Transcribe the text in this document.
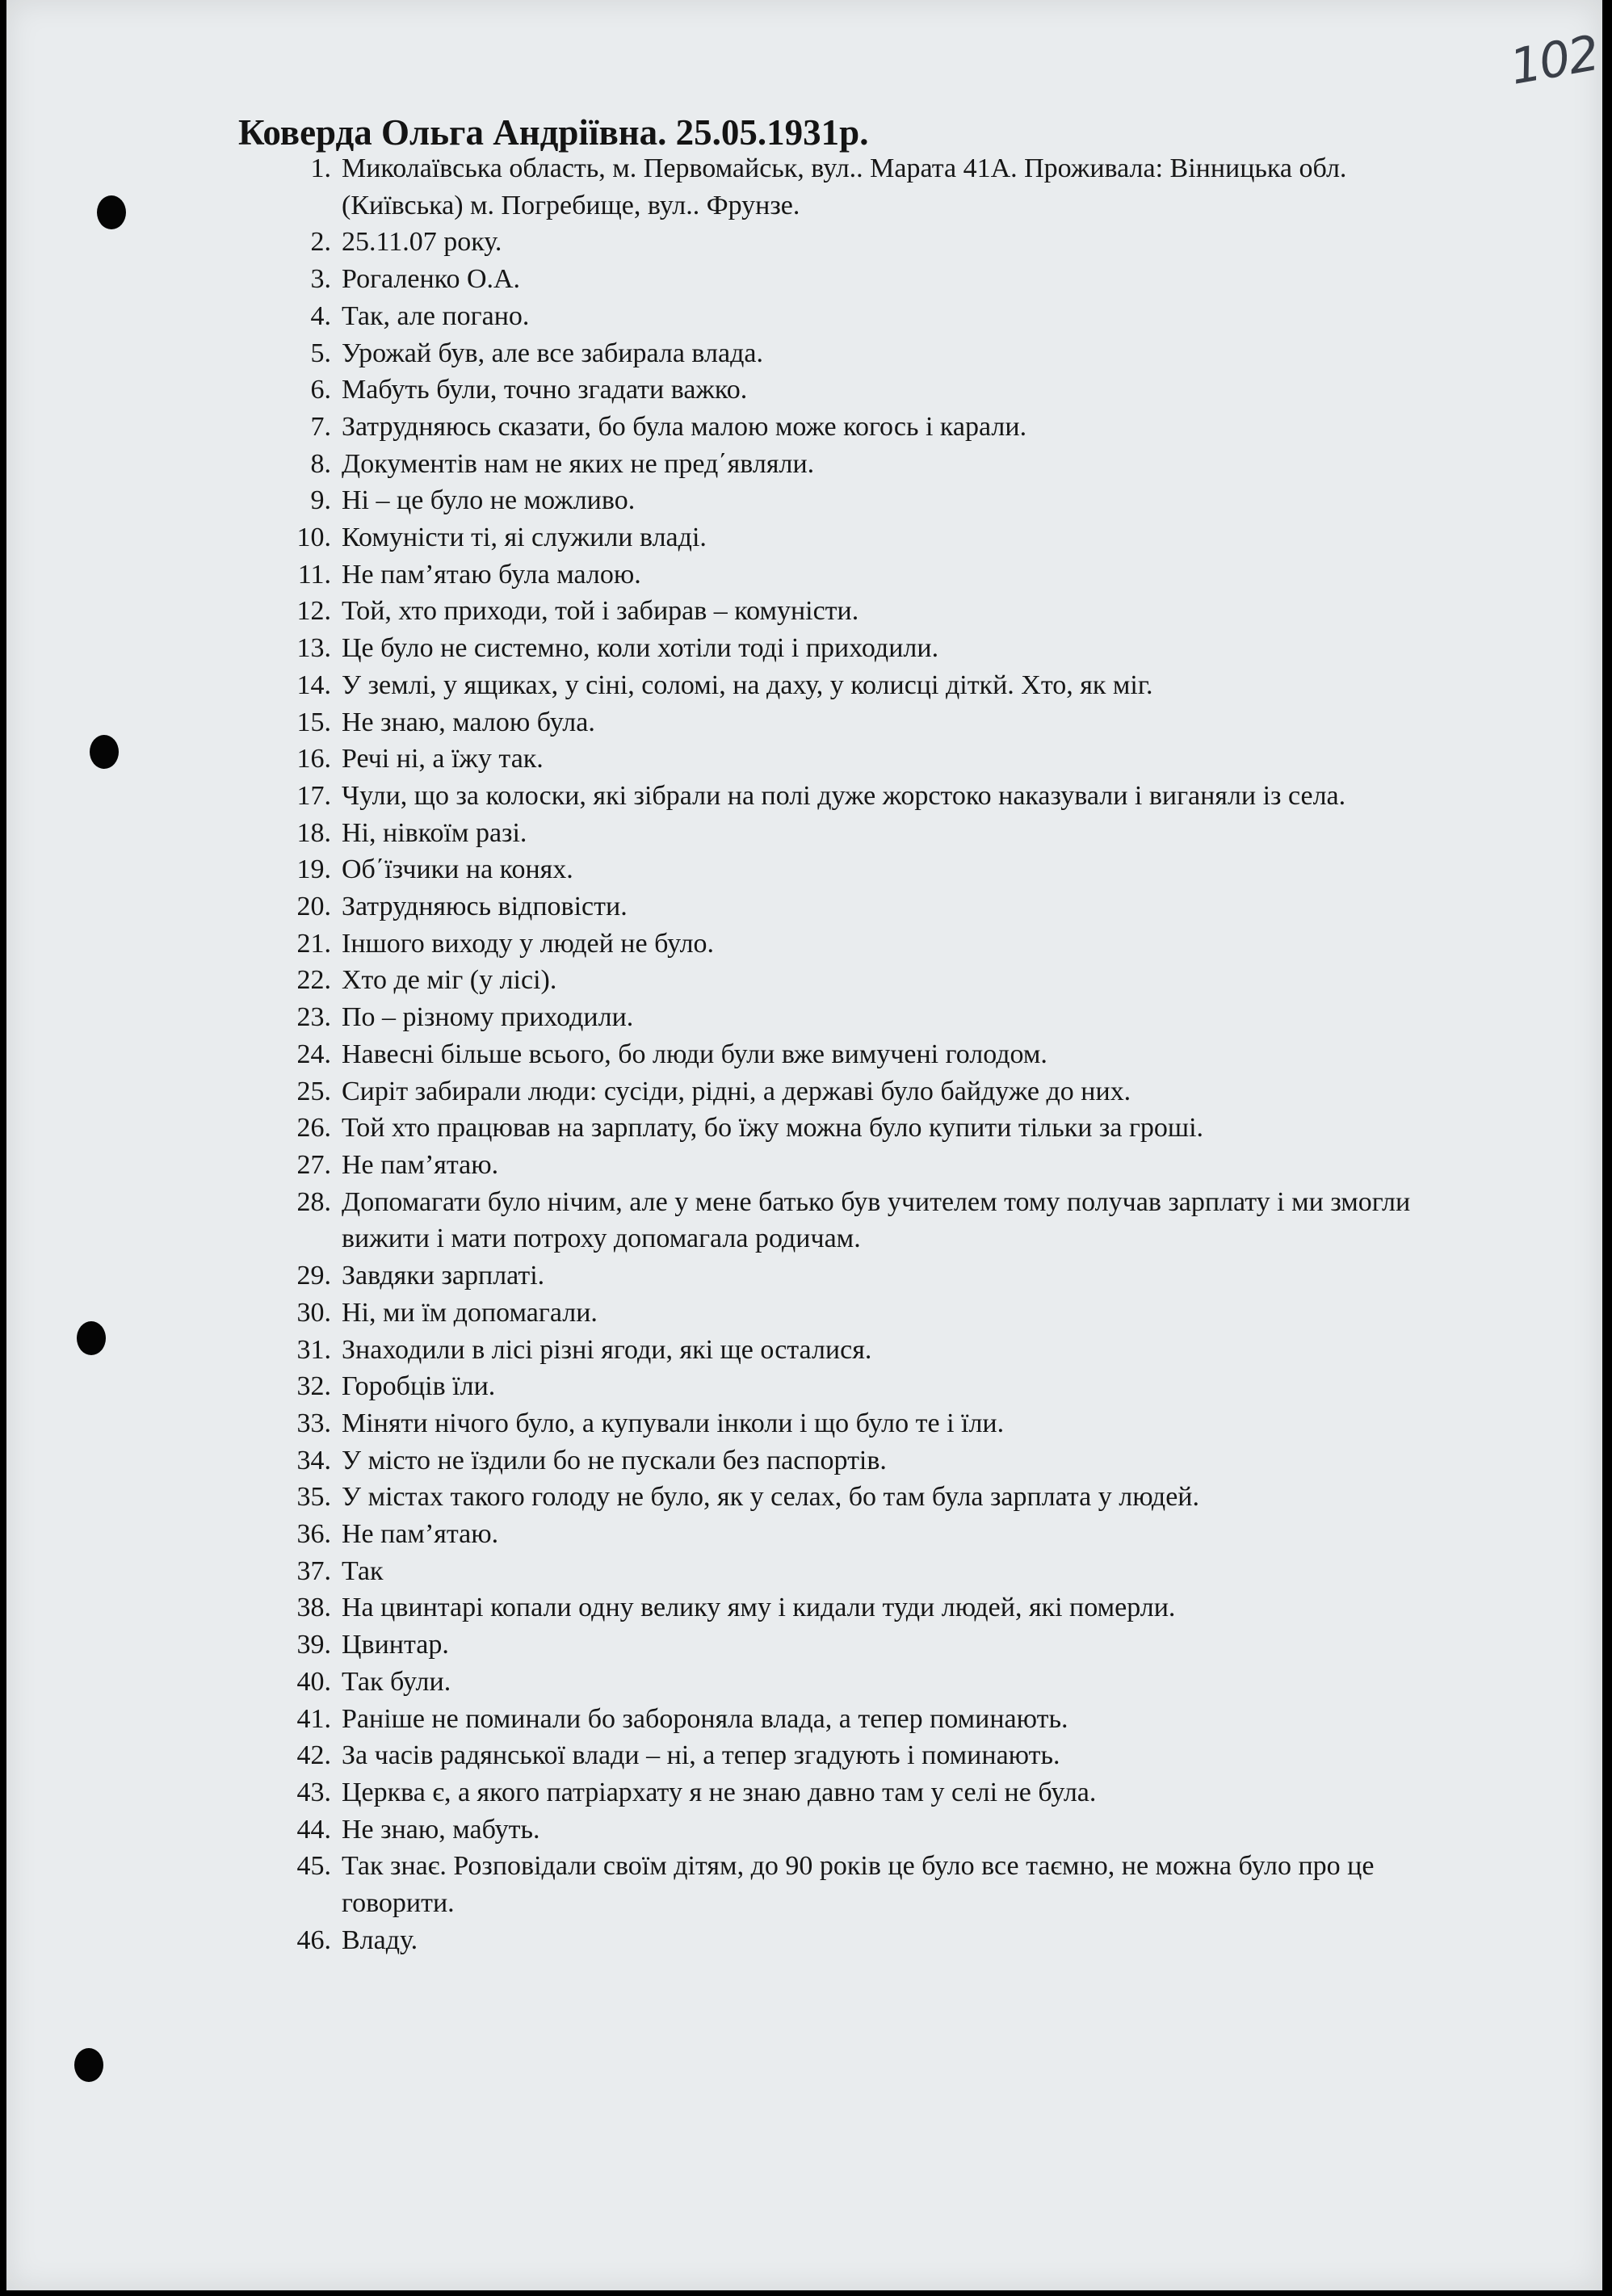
102
Коверда Ольга Андріївна. 25.05.1931р.
1. Миколаївська область, м. Первомайськ, вул.. Марата 41А. Проживала: Вінницька обл. (Київська) м. Погребище, вул.. Фрунзе.
2. 25.11.07 року.
3. Рогаленко О.А.
4. Так, але погано.
5. Урожай був, але все забирала влада.
6. Мабуть були, точно згадати важко.
7. Затрудняюсь сказати, бо була малою може когось і карали.
8. Документів нам не яких не пред΄являли.
9. Ні – це було не можливо.
10. Комуністи ті, яі служили владі.
11. Не пам’ятаю була малою.
12. Той, хто приходи, той і забирав – комуністи.
13. Це було не системно, коли хотіли тоді і приходили.
14. У землі, у ящиках, у сіні, соломі, на даху, у колисці діткй. Хто, як міг.
15. Не знаю, малою була.
16. Речі ні, а їжу так.
17. Чули, що за колоски, які зібрали на полі дуже жорстоко наказували і виганяли із села.
18. Ні, нівкоїм разі.
19. Об΄їзчики на конях.
20. Затрудняюсь відповісти.
21. Іншого виходу у людей не було.
22. Хто де міг (у лісі).
23. По – різному приходили.
24. Навесні більше всього, бо люди були вже вимучені голодом.
25. Сиріт забирали люди: сусіди, рідні, а державі було байдуже до них.
26. Той хто працював на зарплату, бо їжу можна було купити тільки за гроші.
27. Не пам’ятаю.
28. Допомагати було нічим, але у мене батько був учителем тому получав зарплату і ми змогли вижити і мати потроху допомагала родичам.
29. Завдяки зарплаті.
30. Ні, ми їм допомагали.
31. Знаходили в лісі різні ягоди, які ще осталися.
32. Горобців їли.
33. Міняти нічого було, а купували інколи і що було те і їли.
34. У місто не їздили бо не пускали без паспортів.
35. У містах такого голоду не було, як у селах, бо там була зарплата у людей.
36. Не пам’ятаю.
37. Так
38. На цвинтарі копали одну велику яму і кидали туди людей, які померли.
39. Цвинтар.
40. Так були.
41. Раніше не поминали бо забороняла влада, а тепер поминають.
42. За часів радянської влади – ні, а тепер згадують і поминають.
43. Церква є, а якого патріархату я не знаю давно там у селі не була.
44. Не знаю, мабуть.
45. Так знає. Розповідали своїм дітям, до 90 років це було все таємно, не можна було про це говорити.
46. Владу.
